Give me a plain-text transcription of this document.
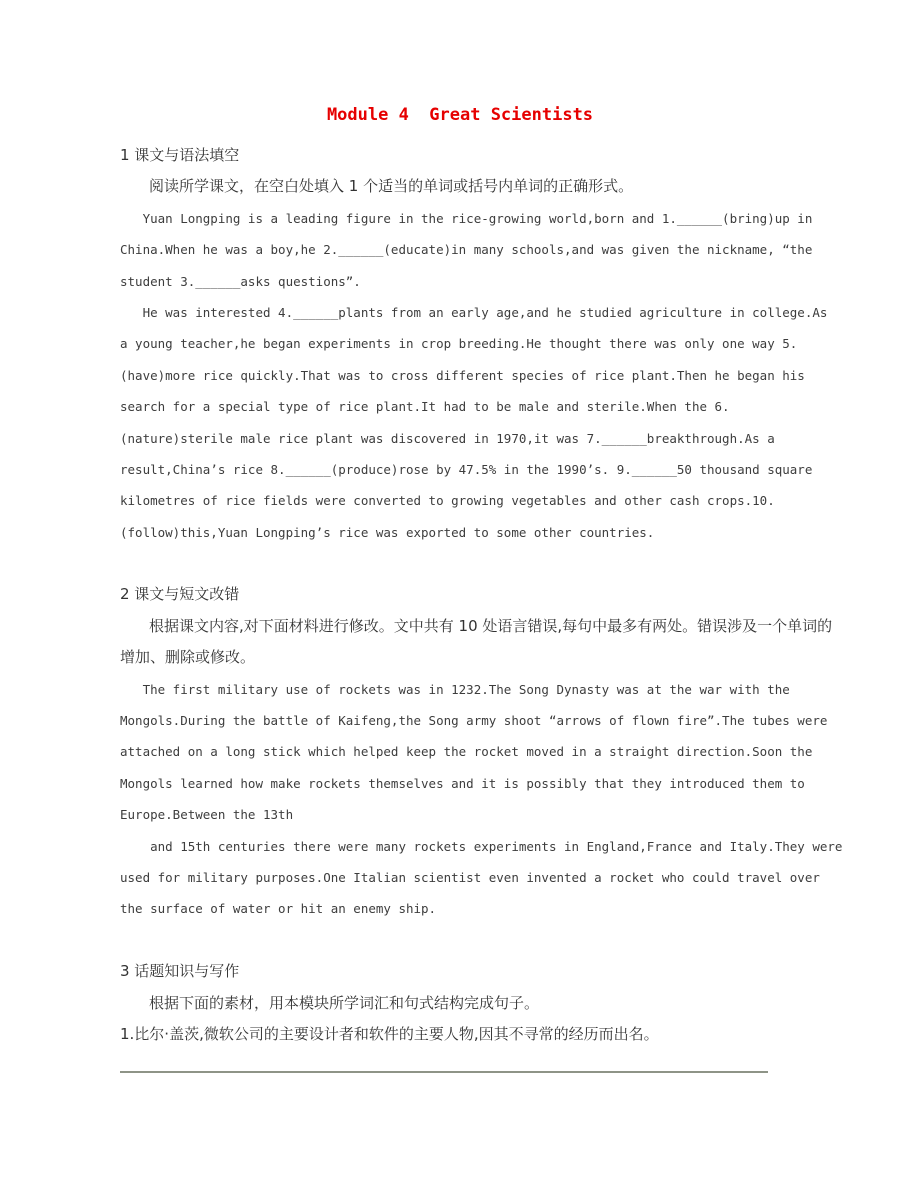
Module 4  Great Scientists
1 课文与语法填空
阅读所学课文，在空白处填入 1 个适当的单词或括号内单词的正确形式。
Yuan Longping is a leading figure in the rice-growing world,born and 1.______(bring)up in
China.When he was a boy,he 2.______(educate)in many schools,and was given the nickname, “the
student 3.______asks questions”.
He was interested 4.______plants from an early age,and he studied agriculture in college.As
a young teacher,he began experiments in crop breeding.He thought there was only one way 5.
(have)more rice quickly.That was to cross different species of rice plant.Then he began his
search for a special type of rice plant.It had to be male and sterile.When the 6.
(nature)sterile male rice plant was discovered in 1970,it was 7.______breakthrough.As a
result,China’s rice 8.______(produce)rose by 47.5% in the 1990’s. 9.______50 thousand square
kilometres of rice fields were converted to growing vegetables and other cash crops.10.
(follow)this,Yuan Longping’s rice was exported to some other countries.
2 课文与短文改错
根据课文内容,对下面材料进行修改。文中共有 10 处语言错误,每句中最多有两处。错误涉及一个单词的
增加、删除或修改。
The first military use of rockets was in 1232.The Song Dynasty was at the war with the
Mongols.During the battle of Kaifeng,the Song army shoot “arrows of flown fire”.The tubes were
attached on a long stick which helped keep the rocket moved in a straight direction.Soon the
Mongols learned how make rockets themselves and it is possibly that they introduced them to
Europe.Between the 13th
and 15th centuries there were many rockets experiments in England,France and Italy.They were
used for military purposes.One Italian scientist even invented a rocket who could travel over
the surface of water or hit an enemy ship.
3 话题知识与写作
根据下面的素材，用本模块所学词汇和句式结构完成句子。
1.比尔·盖茨,微软公司的主要设计者和软件的主要人物,因其不寻常的经历而出名。
